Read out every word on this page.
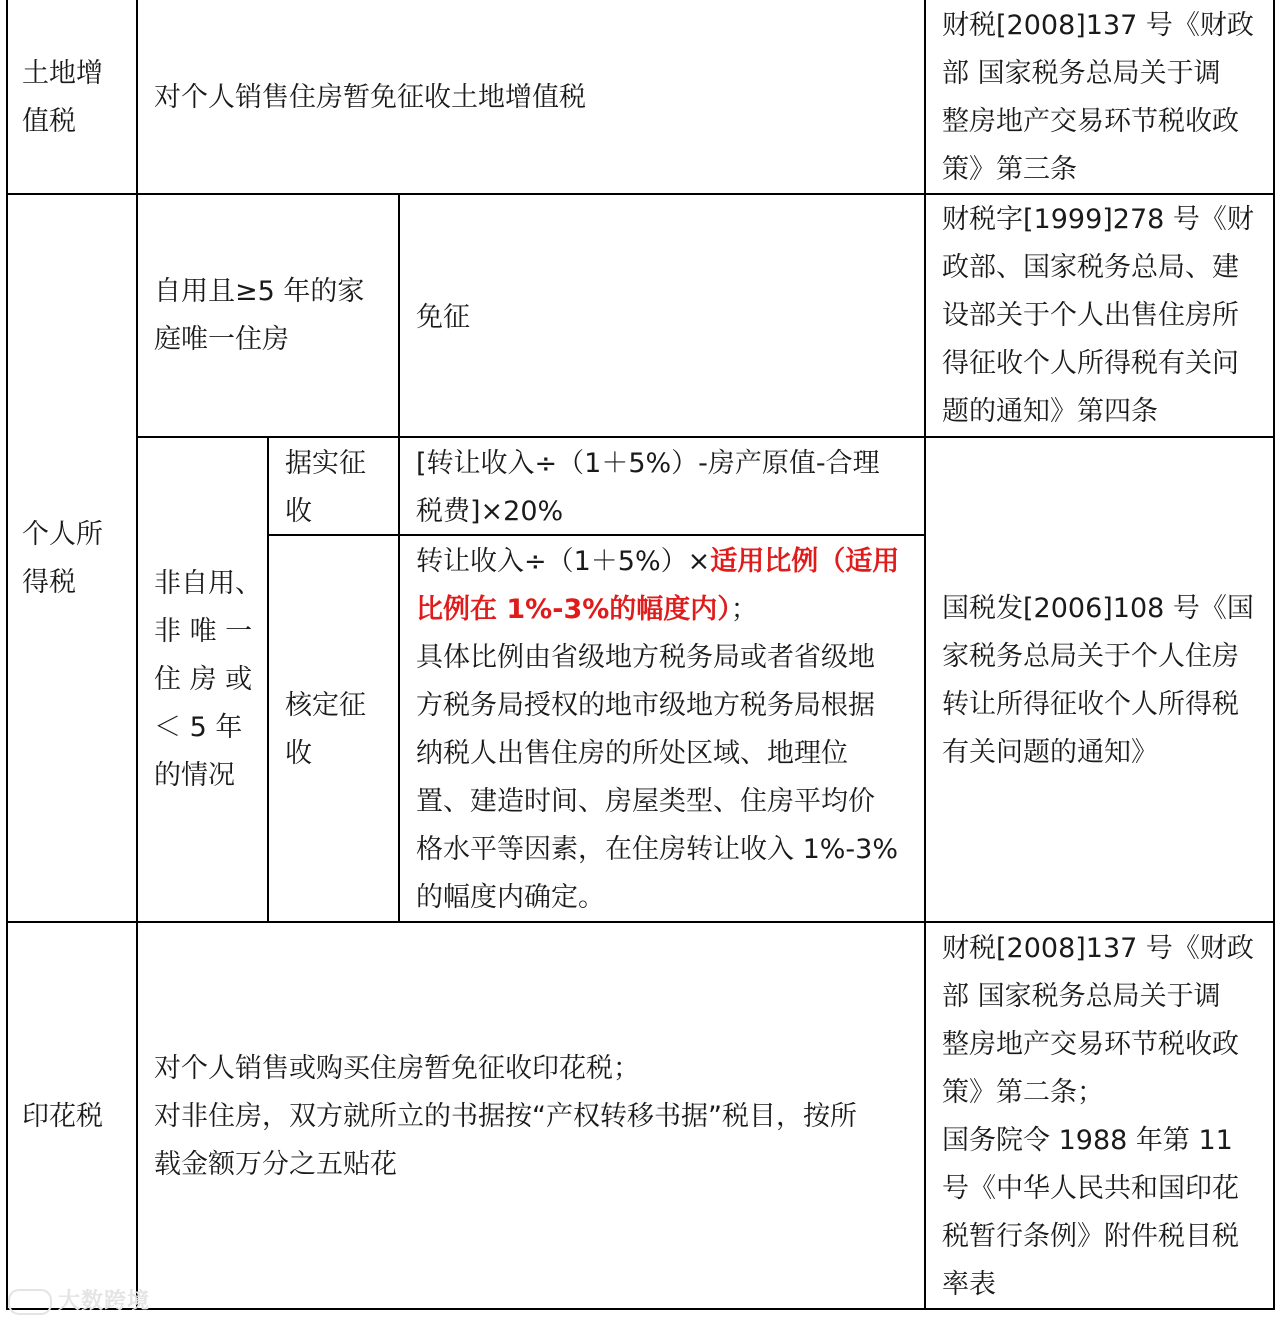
土地增
值税
对个人销售住房暂免征收土地增值税
财税[2008]137 号《财政
部 国家税务总局关于调
整房地产交易环节税收政
策》第三条
个人所
得税
自用且≥5 年的家
庭唯一住房
免征
财税字[1999]278 号《财
政部、国家税务总局、建
设部关于个人出售住房所
得征收个人所得税有关问
题的通知》第四条
非自用、
非 唯 一
住 房 或
＜ 5 年
的情况
据实征
收
[转让收入÷（1＋5%）-房产原值-合理
税费]×20%
核定征
收
转让收入÷（1＋5%）×适用比例（适用
比例在 1%-3%的幅度内）；
具体比例由省级地方税务局或者省级地
方税务局授权的地市级地方税务局根据
纳税人出售住房的所处区域、地理位
置、建造时间、房屋类型、住房平均价
格水平等因素，在住房转让收入 1%-3%
的幅度内确定。
国税发[2006]108 号《国
家税务总局关于个人住房
转让所得征收个人所得税
有关问题的通知》
印花税
对个人销售或购买住房暂免征收印花税；
对非住房，双方就所立的书据按“产权转移书据”税目，按所
载金额万分之五贴花
财税[2008]137 号《财政
部 国家税务总局关于调
整房地产交易环节税收政
策》第二条；
国务院令 1988 年第 11
号《中华人民共和国印花
税暂行条例》附件税目税
率表
大数跨境
